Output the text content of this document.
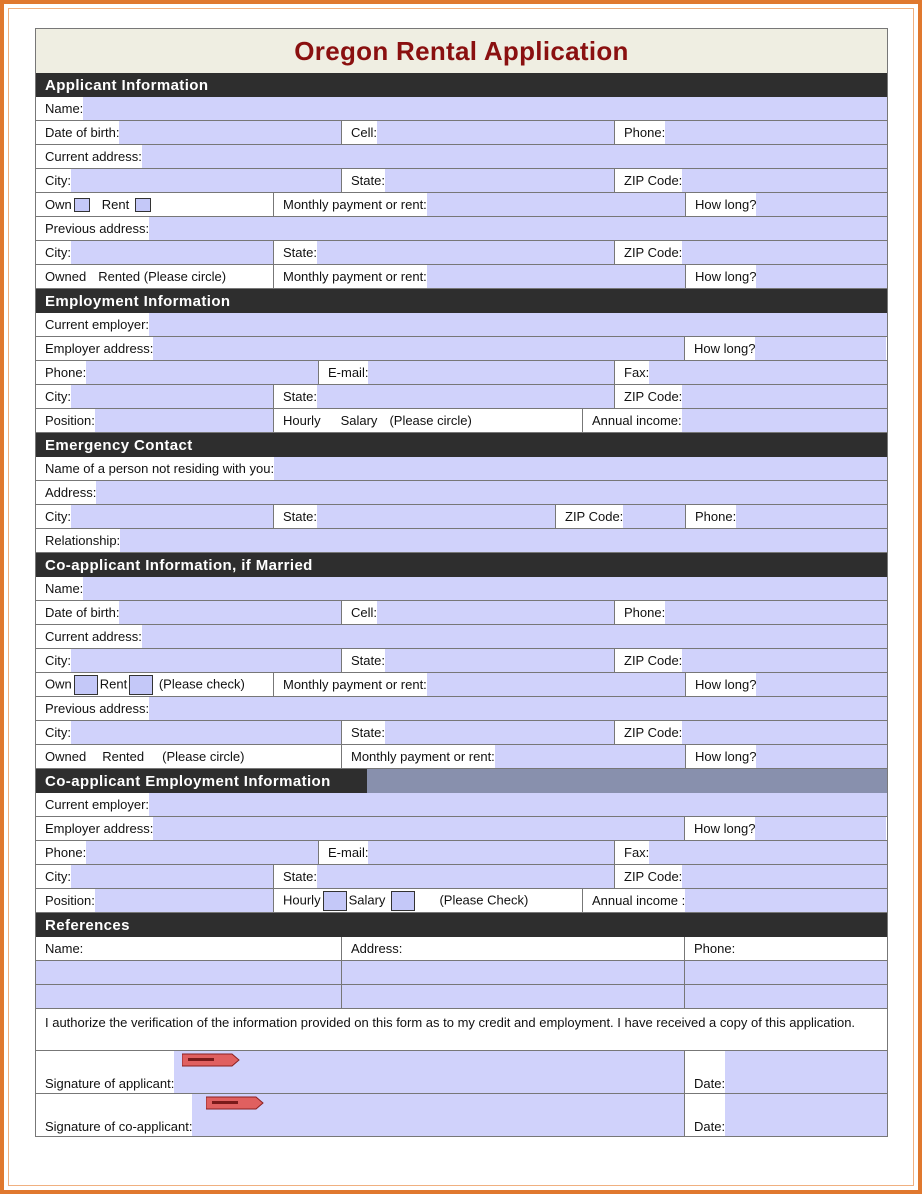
Oregon Rental Application
Applicant Information
Name:
Date of birth:	Cell:	Phone:
Current address:
City:	State:	ZIP Code:
Own Rent	Monthly payment or rent:	How long?
Previous address:
City:	State:	ZIP Code:
Owned Rented (Please circle)	Monthly payment or rent:	How long?
Employment Information
Current employer:
Employer address:	How long?
Phone:	E-mail:	Fax:
City:	State:	ZIP Code:
Position:	Hourly Salary (Please circle)	Annual income:
Emergency Contact
Name of a person not residing with you:
Address:
City:	State:	ZIP Code:	Phone:
Relationship:
Co-applicant Information, if Married
Name:
Date of birth:	Cell:	Phone:
Current address:
City:	State:	ZIP Code:
Own Rent (Please check)	Monthly payment or rent:	How long?
Previous address:
City:	State:	ZIP Code:
Owned Rented (Please circle)	Monthly payment or rent:	How long?
Co-applicant Employment Information
Current employer:
Employer address:	How long?
Phone:	E-mail:	Fax:
City:	State:	ZIP Code:
Position:	Hourly Salary	(Please Check)	Annual income :
References
Name:	Address:	Phone:
I authorize the verification of the information provided on this form as to my credit and employment. I have received a copy of this application.
Signature of applicant:	Date:
Signature of co-applicant:	Date:
